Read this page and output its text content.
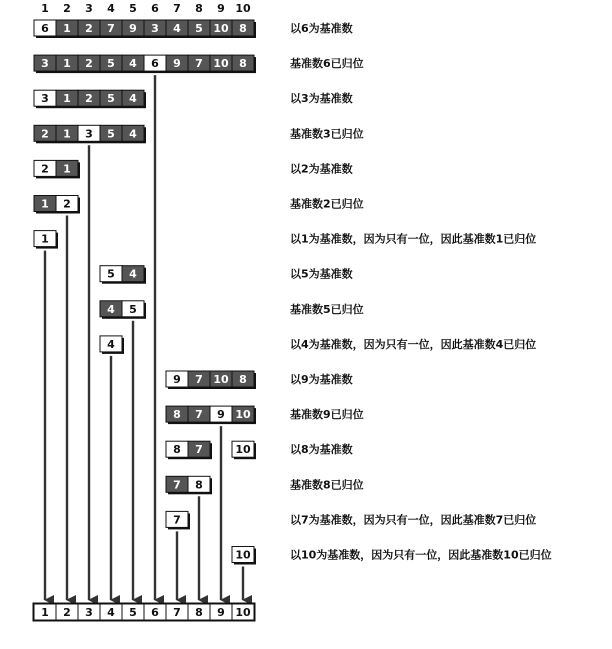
1 2 3 4 5 6 7 8 9 10
6 1 2 7 9 3 4 5 10 8	以6为基准数
3 1 2 5 4 6 9 7 10 8	基准数6已归位
3 1 2 5 4	以3为基准数
2 1 3 5 4	基准数3已归位
2 1	以2为基准数
1 2	基准数2已归位
1	以1为基准数，因为只有一位，因此基准数1已归位
5 4	以5为基准数
4 5	基准数5已归位
4	以4为基准数，因为只有一位，因此基准数4已归位
9 7 10 8	以9为基准数
8 7 9 10	基准数9已归位
8 7	10	以8为基准数
7 8	基准数8已归位
7	以7为基准数，因为只有一位，因此基准数7已归位
10	以10为基准数，因为只有一位，因此基准数10已归位
1 2 3 4 5 6 7 8 9 10
